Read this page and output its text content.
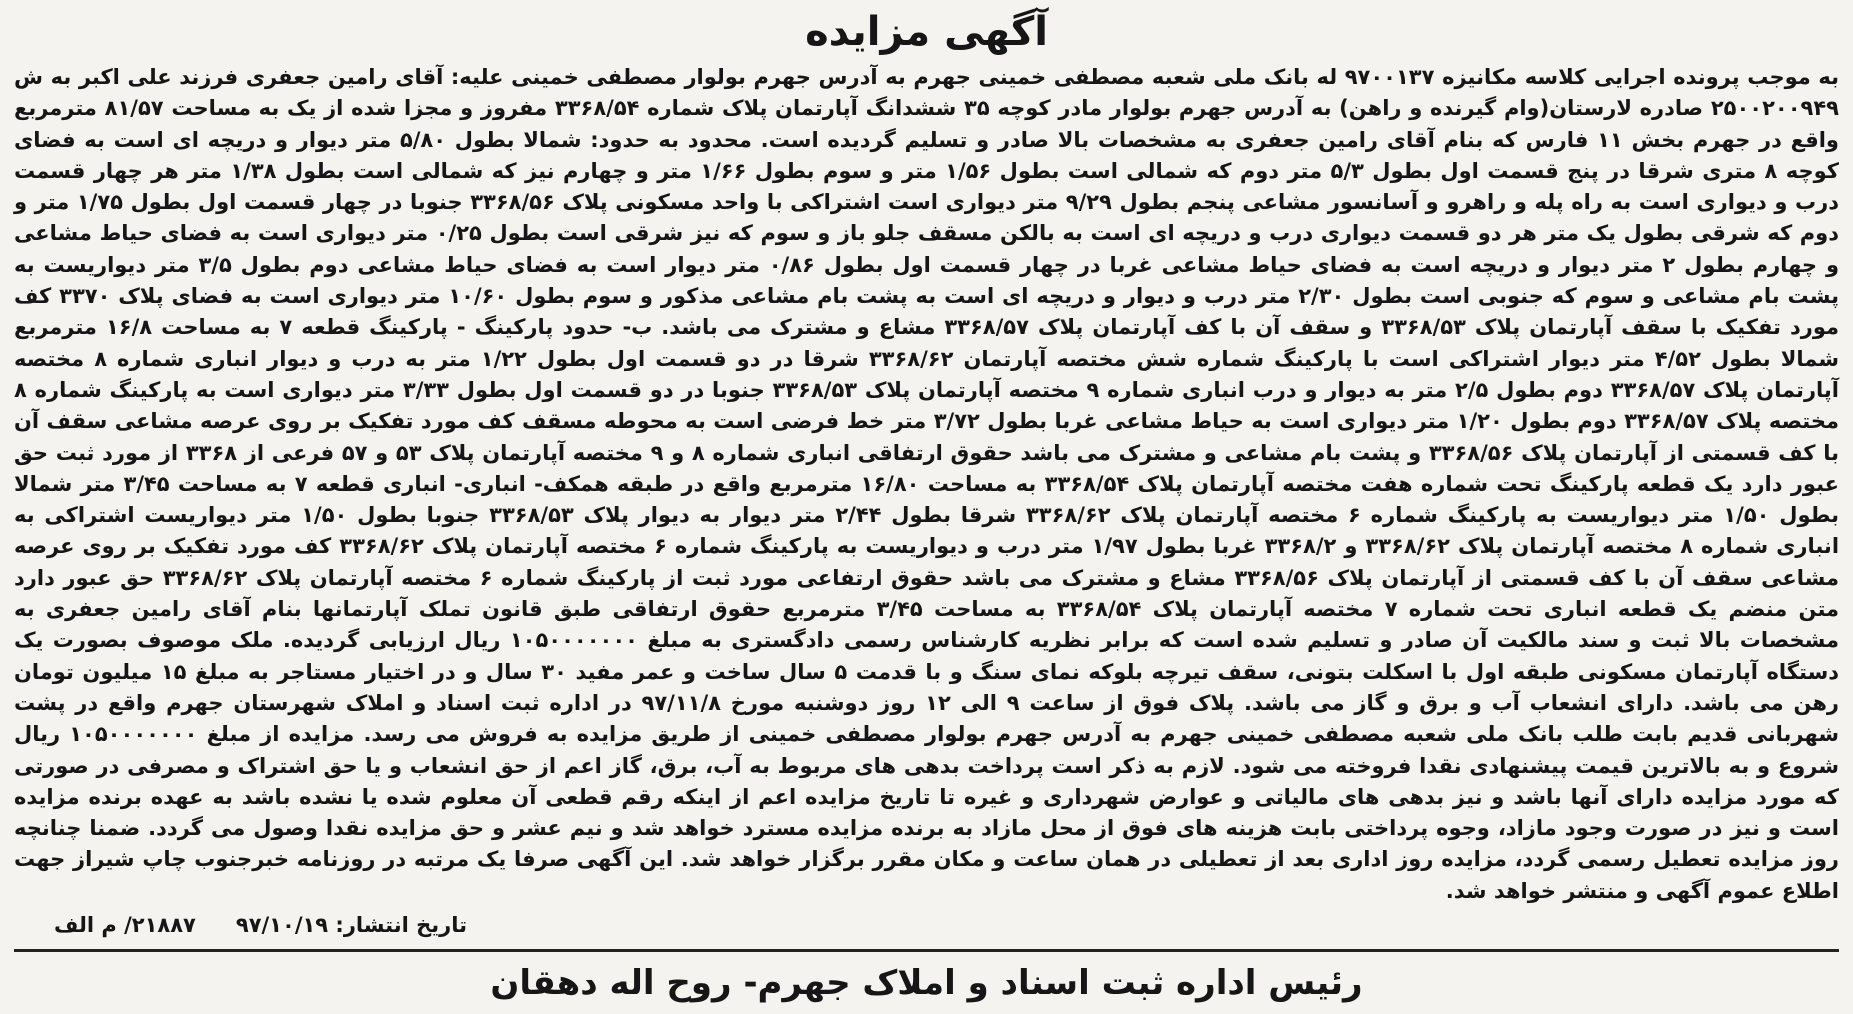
آگهی مزایده

به موجب پرونده اجرایی کلاسه مکانیزه ۹۷۰۰۱۳۷ له بانک ملی شعبه مصطفی خمینی جهرم به آدرس جهرم بولوار مصطفی خمینی علیه: آقای رامین جعفری فرزند علی اکبر به ش ۲۵۰۰۲۰۰۹۴۹ صادره لارستان(وام گیرنده و راهن) به آدرس جهرم بولوار مادر کوچه ۳۵ ششدانگ آپارتمان پلاک شماره ۳۳۶۸/۵۴ مفروز و مجزا شده از یک به مساحت ۸۱/۵۷ مترمربع واقع در جهرم بخش ۱۱ فارس که بنام آقای رامین جعفری به مشخصات بالا صادر و تسلیم گردیده است. محدود به حدود: شمالا بطول ۵/۸۰ متر دیوار و دریچه ای است به فضای کوچه ۸ متری شرقا در پنج قسمت اول بطول ۵/۳ متر دوم که شمالی است بطول ۱/۵۶ متر و سوم بطول ۱/۶۶ متر و چهارم نیز که شمالی است بطول ۱/۳۸ متر هر چهار قسمت درب و دیواری است به راه پله و راهرو و آسانسور مشاعی پنجم بطول ۹/۲۹ متر دیواری است اشتراکی با واحد مسکونی پلاک ۳۳۶۸/۵۶ جنوبا در چهار قسمت اول بطول ۱/۷۵ متر و دوم که شرقی بطول یک متر هر دو قسمت دیواری درب و دریچه ای است به بالکن مسقف جلو باز و سوم که نیز شرقی است بطول ۰/۲۵ متر دیواری است به فضای حیاط مشاعی و چهارم بطول ۲ متر دیوار و دریچه است به فضای حیاط مشاعی غربا در چهار قسمت اول بطول ۰/۸۶ متر دیوار است به فضای حیاط مشاعی دوم بطول ۳/۵ متر دیواریست به پشت بام مشاعی و سوم که جنوبی است بطول ۲/۳۰ متر درب و دیوار و دریچه ای است به پشت بام مشاعی مذکور و سوم بطول ۱۰/۶۰ متر دیواری است به فضای پلاک ۳۳۷۰ کف مورد تفکیک با سقف آپارتمان پلاک ۳۳۶۸/۵۳ و سقف آن با کف آپارتمان پلاک ۳۳۶۸/۵۷ مشاع و مشترک می باشد. ب- حدود پارکینگ - پارکینگ قطعه ۷ به مساحت ۱۶/۸ مترمربع شمالا بطول ۴/۵۲ متر دیوار اشتراکی است با پارکینگ شماره شش مختصه آپارتمان ۳۳۶۸/۶۲ شرقا در دو قسمت اول بطول ۱/۲۲ متر به درب و دیوار انباری شماره ۸ مختصه آپارتمان پلاک ۳۳۶۸/۵۷ دوم بطول ۲/۵ متر به دیوار و درب انباری شماره ۹ مختصه آپارتمان پلاک ۳۳۶۸/۵۳ جنوبا در دو قسمت اول بطول ۳/۳۳ متر دیواری است به پارکینگ شماره ۸ مختصه پلاک ۳۳۶۸/۵۷ دوم بطول ۱/۲۰ متر دیواری است به حیاط مشاعی غربا بطول ۳/۷۲ متر خط فرضی است به محوطه مسقف کف مورد تفکیک بر روی عرصه مشاعی سقف آن با کف قسمتی از آپارتمان پلاک ۳۳۶۸/۵۶ و پشت بام مشاعی و مشترک می باشد حقوق ارتفاقی انباری شماره ۸ و ۹ مختصه آپارتمان پلاک ۵۳ و ۵۷ فرعی از ۳۳۶۸ از مورد ثبت حق عبور دارد یک قطعه پارکینگ تحت شماره هفت مختصه آپارتمان پلاک ۳۳۶۸/۵۴ به مساحت ۱۶/۸۰ مترمربع واقع در طبقه همکف- انباری- انباری قطعه ۷ به مساحت ۳/۴۵ متر شمالا بطول ۱/۵۰ متر دیواریست به پارکینگ شماره ۶ مختصه آپارتمان پلاک ۳۳۶۸/۶۲ شرقا بطول ۲/۴۴ متر دیوار به دیوار پلاک ۳۳۶۸/۵۳ جنوبا بطول ۱/۵۰ متر دیواریست اشتراکی به انباری شماره ۸ مختصه آپارتمان پلاک ۳۳۶۸/۶۲ و ۳۳۶۸/۲ غربا بطول ۱/۹۷ متر درب و دیواریست به پارکینگ شماره ۶ مختصه آپارتمان پلاک ۳۳۶۸/۶۲ کف مورد تفکیک بر روی عرصه مشاعی سقف آن با کف قسمتی از آپارتمان پلاک ۳۳۶۸/۵۶ مشاع و مشترک می باشد حقوق ارتفاعی مورد ثبت از پارکینگ شماره ۶ مختصه آپارتمان پلاک ۳۳۶۸/۶۲ حق عبور دارد متن منضم یک قطعه انباری تحت شماره ۷ مختصه آپارتمان پلاک ۳۳۶۸/۵۴ به مساحت ۳/۴۵ مترمربع حقوق ارتفاقی طبق قانون تملک آپارتمانها بنام آقای رامین جعفری به مشخصات بالا ثبت و سند مالکیت آن صادر و تسلیم شده است که برابر نظریه کارشناس رسمی دادگستری به مبلغ ۱۰۵۰۰۰۰۰۰۰ ریال ارزیابی گردیده. ملک موصوف بصورت یک دستگاه آپارتمان مسکونی طبقه اول با اسکلت بتونی، سقف تیرچه بلوکه نمای سنگ و با قدمت ۵ سال ساخت و عمر مفید ۳۰ سال و در اختیار مستاجر به مبلغ ۱۵ میلیون تومان رهن می باشد. دارای انشعاب آب و برق و گاز می باشد. پلاک فوق از ساعت ۹ الی ۱۲ روز دوشنبه مورخ ۹۷/۱۱/۸ در اداره ثبت اسناد و املاک شهرستان جهرم واقع در پشت شهربانی قدیم بابت طلب بانک ملی شعبه مصطفی خمینی جهرم به آدرس جهرم بولوار مصطفی خمینی از طریق مزایده به فروش می رسد. مزایده از مبلغ ۱۰۵۰۰۰۰۰۰۰ ریال شروع و به بالاترین قیمت پیشنهادی نقدا فروخته می شود. لازم به ذکر است پرداخت بدهی های مربوط به آب، برق، گاز اعم از حق انشعاب و یا حق اشتراک و مصرفی در صورتی که مورد مزایده دارای آنها باشد و نیز بدهی های مالیاتی و عوارض شهرداری و غیره تا تاریخ مزایده اعم از اینکه رقم قطعی آن معلوم شده یا نشده باشد به عهده برنده مزایده است و نیز در صورت وجود مازاد، وجوه پرداختی بابت هزینه های فوق از محل مازاد به برنده مزایده مسترد خواهد شد و نیم عشر و حق مزایده نقدا وصول می گردد. ضمنا چنانچه روز مزایده تعطیل رسمی گردد، مزایده روز اداری بعد از تعطیلی در همان ساعت و مکان مقرر برگزار خواهد شد. این آگهی صرفا یک مرتبه در روزنامه خبرجنوب چاپ شیراز جهت اطلاع عموم آگهی و منتشر خواهد شد.

تاریخ انتشار: ۹۷/۱۰/۱۹
۲۱۸۸۷/ م الف
رئیس اداره ثبت اسناد و املاک جهرم- روح اله دهقان
